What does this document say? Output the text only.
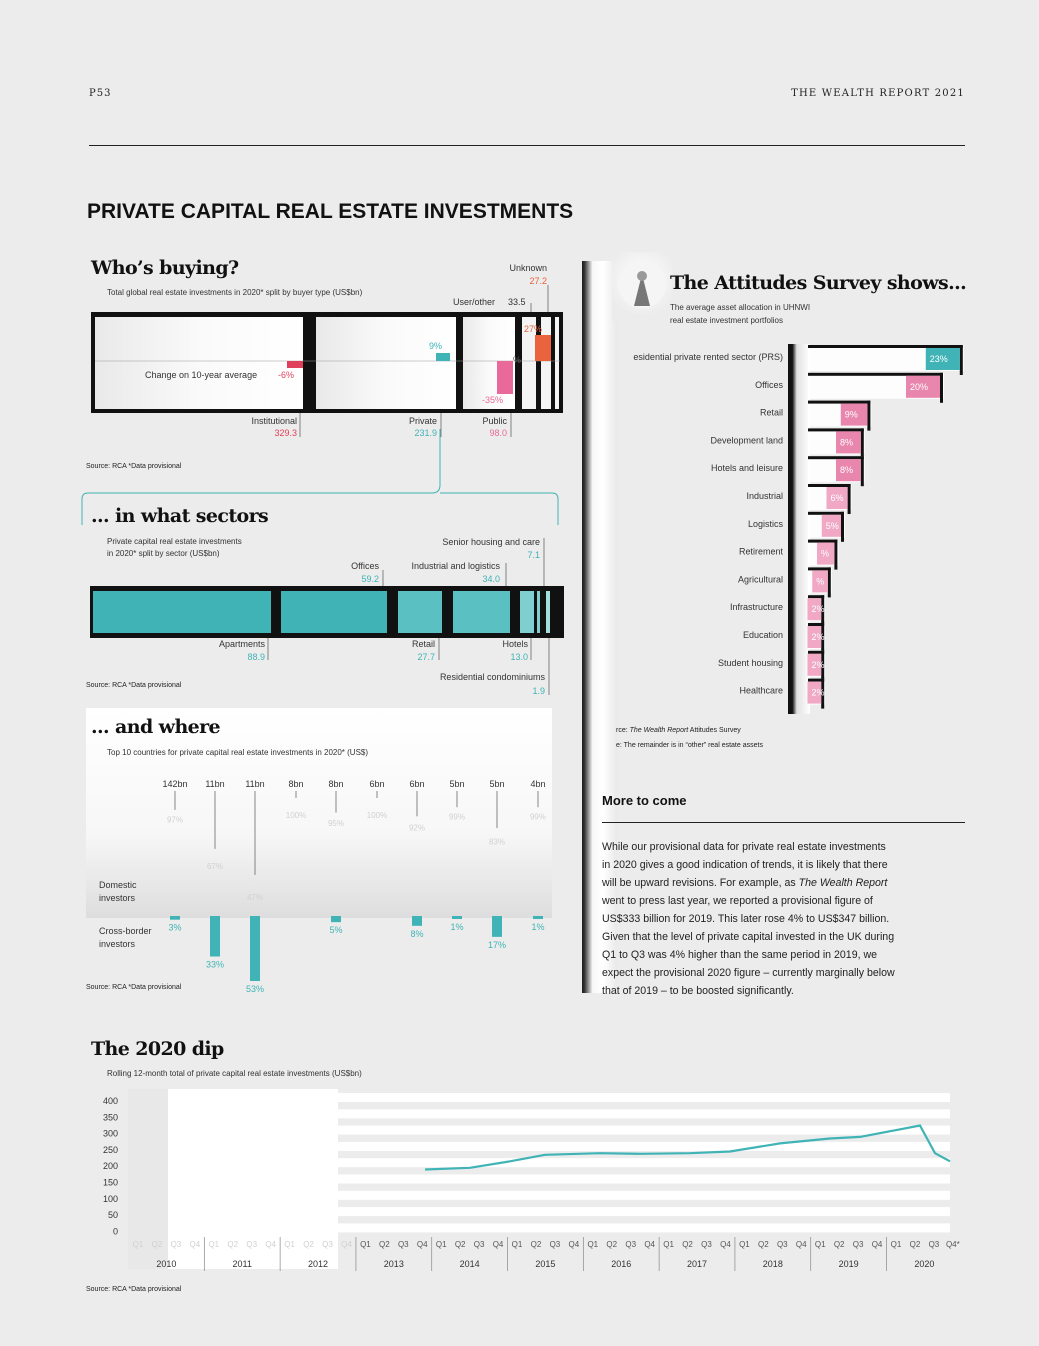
P53	THE WEALTH REPORT 2021
PRIVATE CAPITAL REAL ESTATE INVESTMENTS
Who’s buying?
Total global real estate investments in 2020* split by buyer type (US$bn)
-6%
9%
-35%
%
27%
Change on 10-year average
Institutional
329.3
Private
231.9
Public
98.0
User/other 33.5
Unknown
27.2
Source: RCA *Data provisional
... in what sectors
Private capital real estate investments
in 2020* split by sector (US$bn)
Apartments
88.9
Offices
59.2
Retail
27.7
Industrial and logistics
34.0
Hotels
13.0
Senior housing and care
7.1
Residential condominiums
1.9
Source: RCA *Data provisional
... and where
Top 10 countries for private capital real estate investments in 2020* (US$)
Domestic
investors
Cross-border
investors
142bn
97%
3%
11bn
67%
33%
11bn
47%
53%
8bn
100%
8bn
95%
5%
6bn
100%
6bn
92%
8%
5bn
99%
1%
5bn
83%
17%
4bn
99%
1%
Source: RCA *Data provisional
The Attitudes Survey shows...
The average asset allocation in UHNWI
real estate investment portfolios
esidential private rented sector (PRS)	23%
Offices	20%
Retail	9%
Development land	8%
Hotels and leisure	8%
Industrial	6%
Logistics	5%
Retirement	%
Agricultural	%
Infrastructure	2%
Education	2%
Student housing	2%
Healthcare	2%
rce: The Wealth Report Attitudes Survey
e: The remainder is in “other” real estate assets
More to come
While our provisional data for private real estate investments
in 2020 gives a good indication of trends, it is likely that there
will be upward revisions. For example, as The Wealth Report
went to press last year, we reported a provisional figure of
US$333 billion for 2019. This later rose 4% to US$347 billion.
Given that the level of private capital invested in the UK during
Q1 to Q3 was 4% higher than the same period in 2019, we
expect the provisional 2020 figure – currently marginally below
that of 2019 – to be boosted significantly.
The 2020 dip
Rolling 12-month total of private capital real estate investments (US$bn)
400
350
300
250
200
150
100
50
0
Q1 Q2 Q3 Q4
2010
Q1 Q2 Q3 Q4
2011
Q1 Q2 Q3 Q4
2012
Q1 Q2 Q3 Q4
2013
Q1 Q2 Q3 Q4
2014
Q1 Q2 Q3 Q4
2015
Q1 Q2 Q3 Q4
2016
Q1 Q2 Q3 Q4
2017
Q1 Q2 Q3 Q4
2018
Q1 Q2 Q3 Q4
2019
Q1 Q2 Q3 Q4*
2020
Source: RCA *Data provisional
